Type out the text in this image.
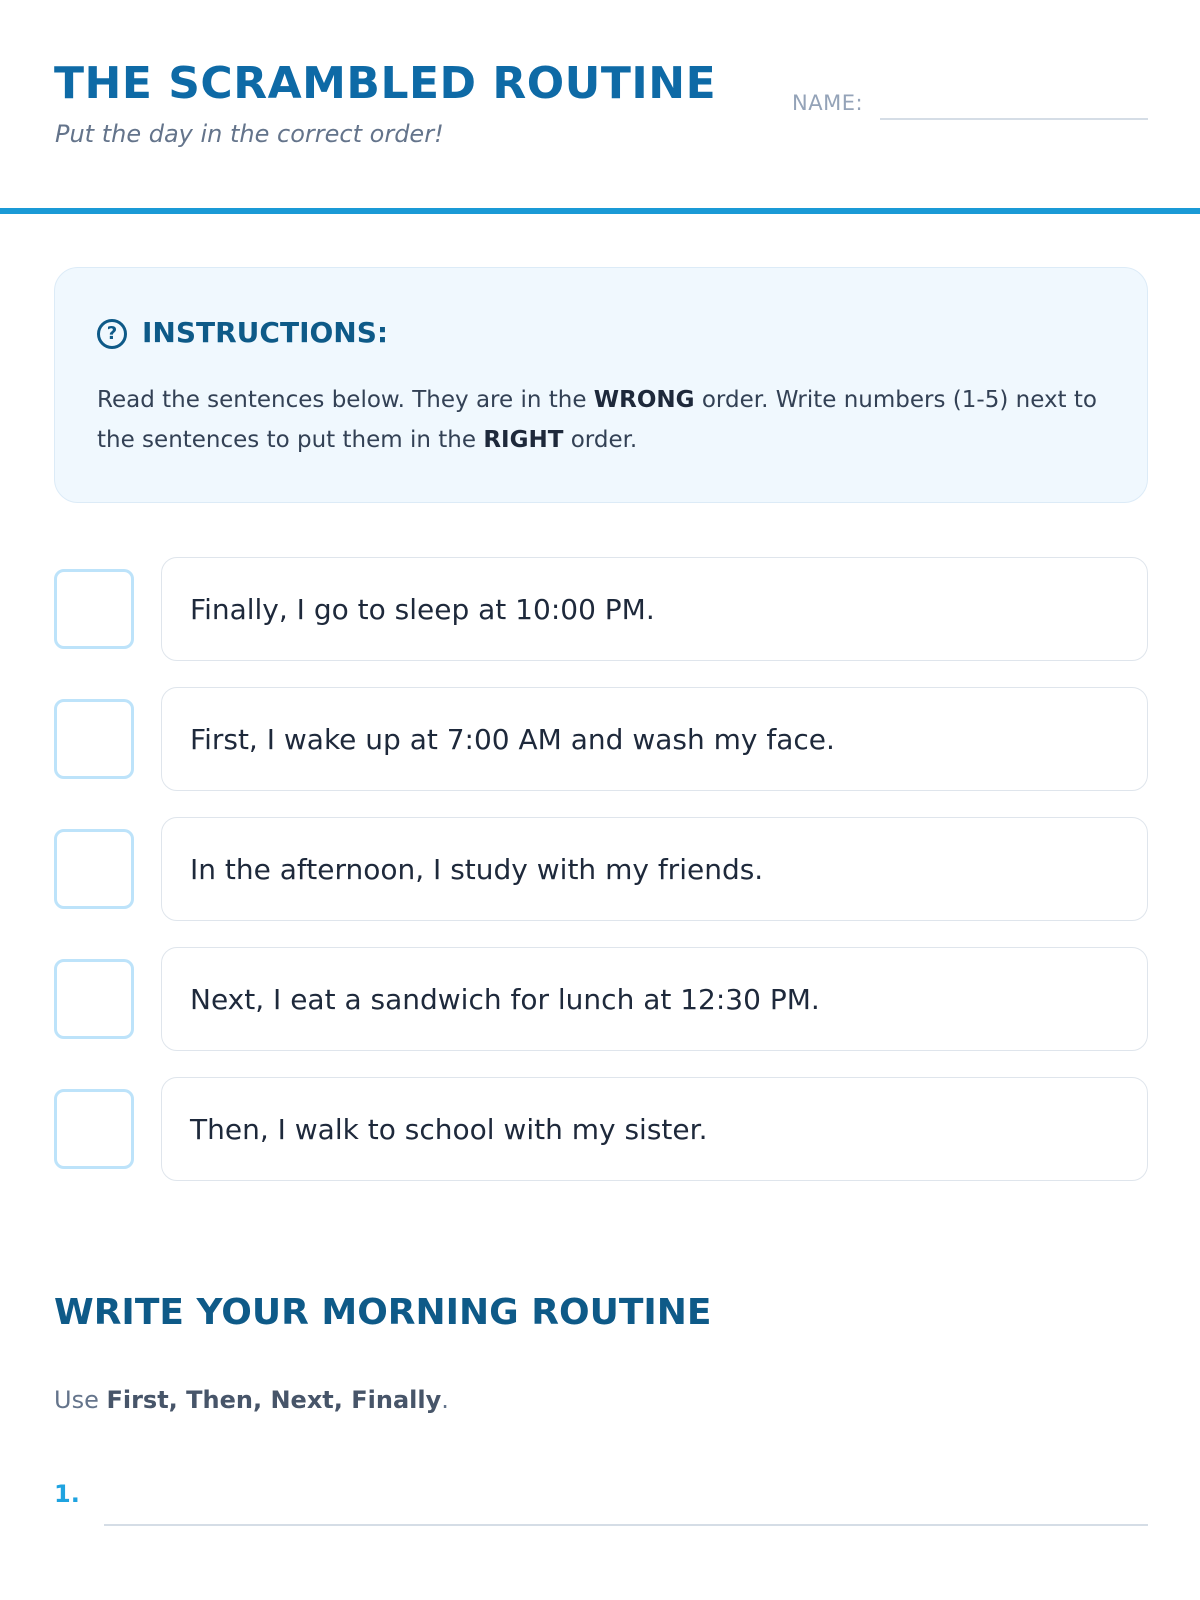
THE SCRAMBLED ROUTINE
Put the day in the correct order!
NAME:
? INSTRUCTIONS:
Read the sentences below. They are in the WRONG order. Write numbers (1-5) next to the sentences to put them in the RIGHT order.
Finally, I go to sleep at 10:00 PM.
First, I wake up at 7:00 AM and wash my face.
In the afternoon, I study with my friends.
Next, I eat a sandwich for lunch at 12:30 PM.
Then, I walk to school with my sister.
WRITE YOUR MORNING ROUTINE
Use First, Then, Next, Finally.
1.
